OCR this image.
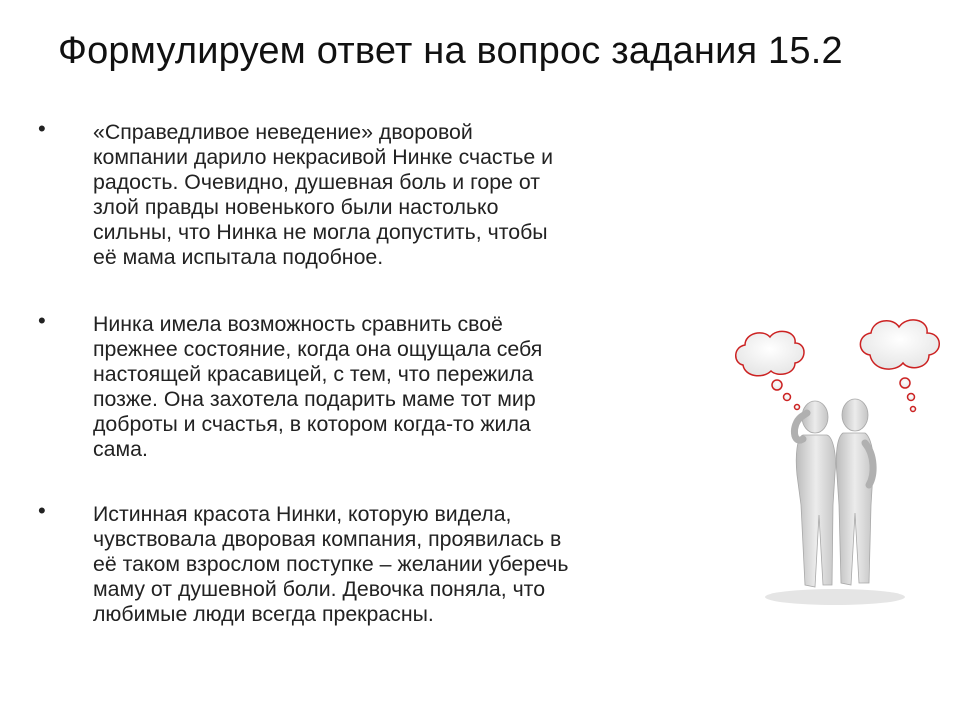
Формулируем ответ на вопрос задания 15.2
• «Справедливое неведение» дворовой
компании дарило некрасивой Нинке счастье и
радость. Очевидно, душевная боль и горе от
злой правды новенького были настолько
сильны, что Нинка не могла допустить, чтобы
её мама испытала подобное.
• Нинка имела возможность сравнить своё
прежнее состояние, когда она ощущала себя
настоящей красавицей, с тем, что пережила
позже. Она захотела подарить маме тот мир
доброты и счастья, в котором когда-то жила
сама.
• Истинная красота Нинки, которую видела,
чувствовала дворовая компания, проявилась в
её таком взрослом поступке – желании уберечь
маму от душевной боли. Девочка поняла, что
любимые люди всегда прекрасны.
